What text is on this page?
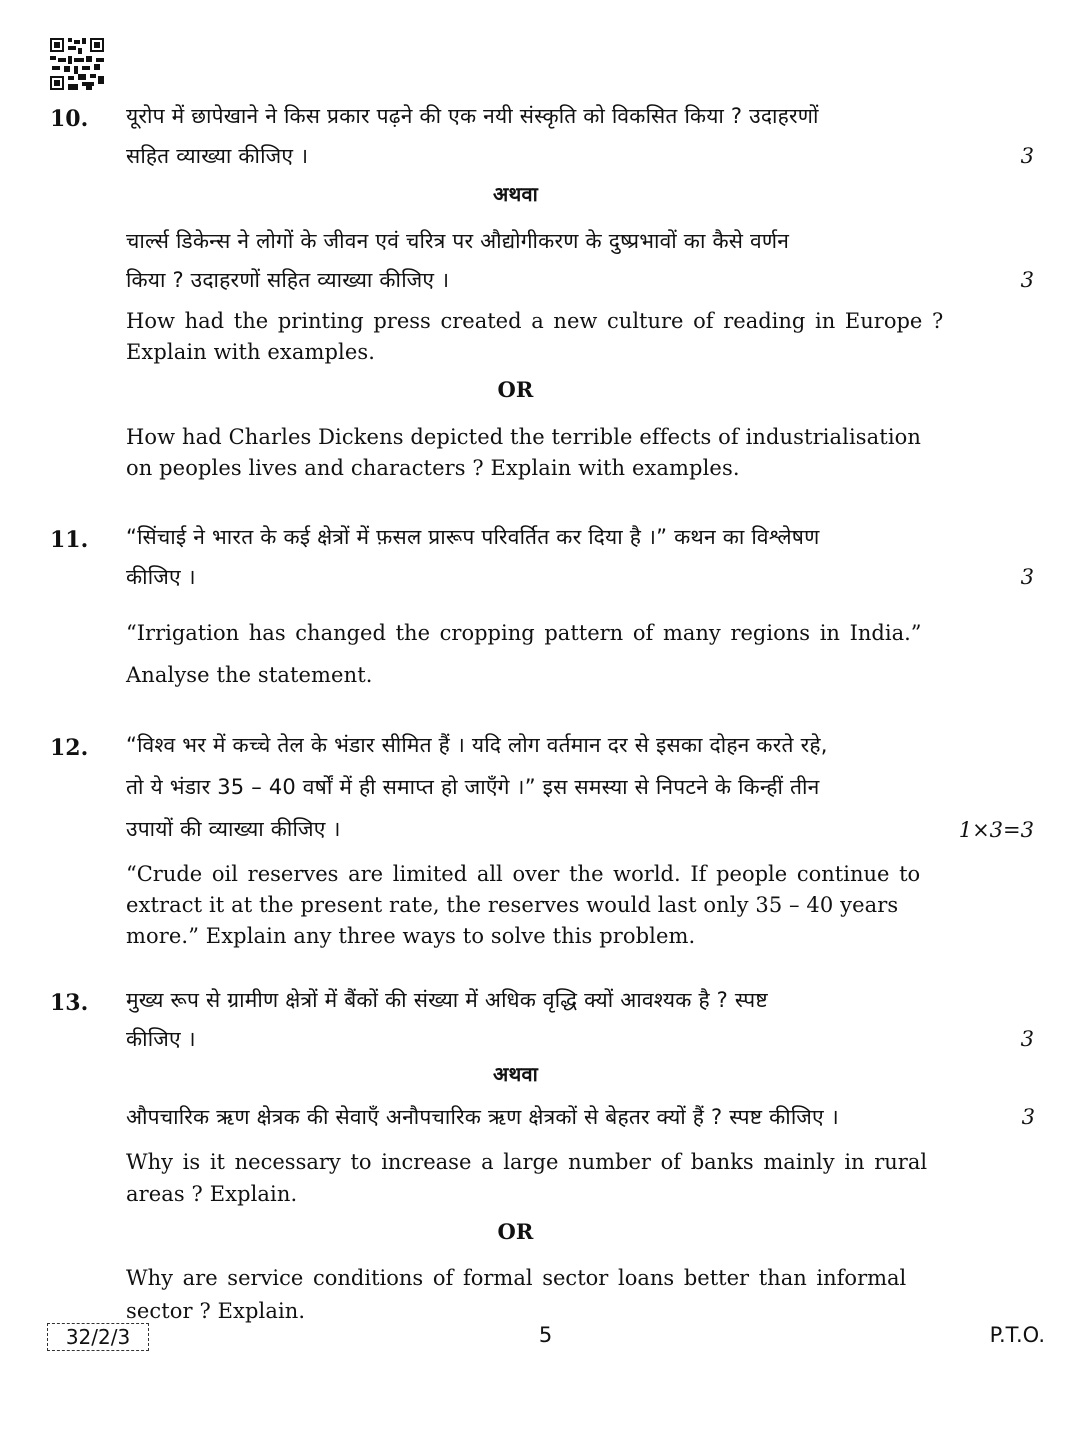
10. यूरोप में छापेखाने ने किस प्रकार पढ़ने की एक नयी संस्कृति को विकसित किया ? उदाहरणों
सहित व्याख्या कीजिए ।	3
अथवा
चार्ल्स डिकेन्स ने लोगों के जीवन एवं चरित्र पर औद्योगीकरण के दुष्प्रभावों का कैसे वर्णन
किया ? उदाहरणों सहित व्याख्या कीजिए ।	3
How had the printing press created a new culture of reading in Europe ?
Explain with examples.
OR
How had Charles Dickens depicted the terrible effects of industrialisation
on peoples lives and characters ? Explain with examples.
11. “सिंचाई ने भारत के कई क्षेत्रों में फ़सल प्रारूप परिवर्तित कर दिया है ।” कथन का विश्लेषण
कीजिए ।	3
“Irrigation has changed the cropping pattern of many regions in India.”
Analyse the statement.
12. “विश्व भर में कच्चे तेल के भंडार सीमित हैं । यदि लोग वर्तमान दर से इसका दोहन करते रहे,
तो ये भंडार 35 – 40 वर्षों में ही समाप्त हो जाएँगे ।” इस समस्या से निपटने के किन्हीं तीन
उपायों की व्याख्या कीजिए ।	1×3=3
“Crude oil reserves are limited all over the world. If people continue to
extract it at the present rate, the reserves would last only 35 – 40 years
more.” Explain any three ways to solve this problem.
13. मुख्य रूप से ग्रामीण क्षेत्रों में बैंकों की संख्या में अधिक वृद्धि क्यों आवश्यक है ? स्पष्ट
कीजिए ।	3
अथवा
औपचारिक ऋण क्षेत्रक की सेवाएँ अनौपचारिक ऋण क्षेत्रकों से बेहतर क्यों हैं ? स्पष्ट कीजिए ।	3
Why is it necessary to increase a large number of banks mainly in rural
areas ? Explain.
OR
Why are service conditions of formal sector loans better than informal
sector ? Explain.
32/2/3	5	P.T.O.
